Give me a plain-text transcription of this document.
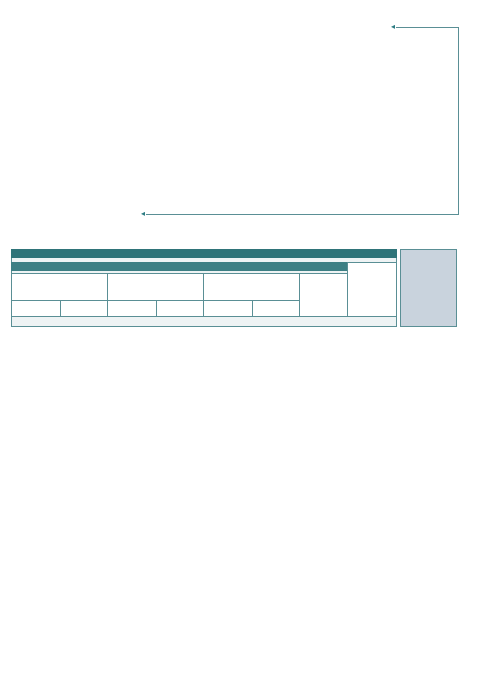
◂
◂
